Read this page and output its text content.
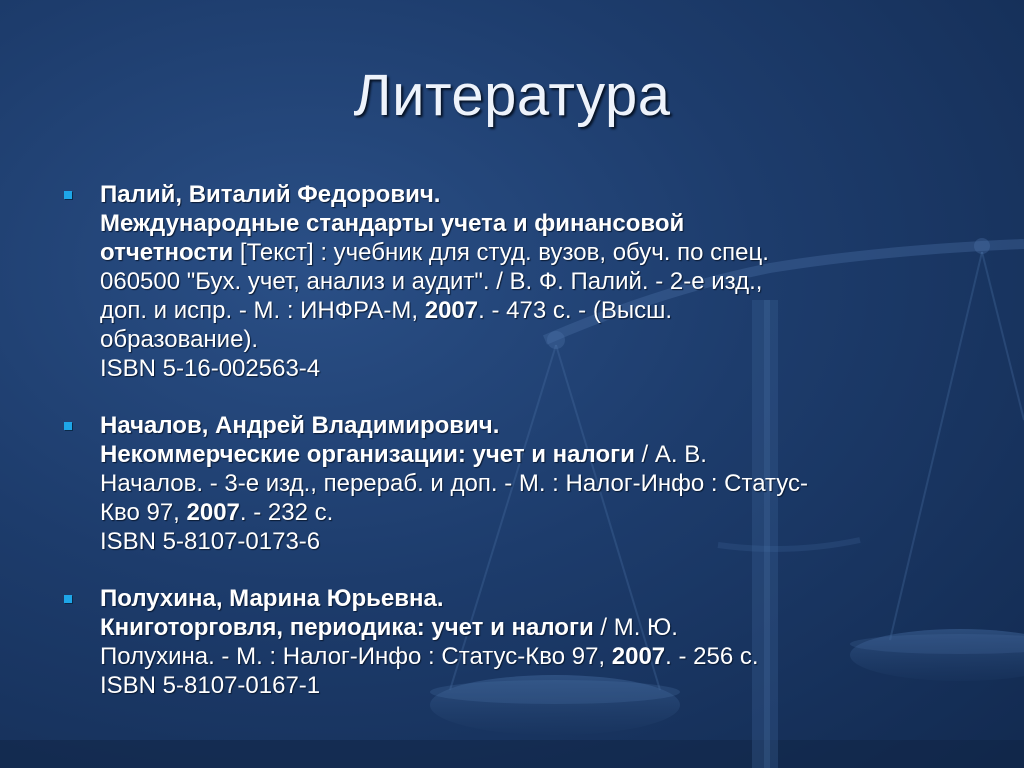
Литература
Палий, Виталий Федорович.
Международные стандарты учета и финансовой
отчетности [Текст] : учебник для студ. вузов, обуч. по спец.
060500 "Бух. учет, анализ и аудит". / В. Ф. Палий. - 2-е изд.,
доп. и испр. - М. : ИНФРА-М, 2007. - 473 с. - (Высш.
образование).
ISBN 5-16-002563-4
Началов, Андрей Владимирович.
Некоммерческие организации: учет и налоги / А. В.
Началов. - 3-е изд., перераб. и доп. - М. : Налог-Инфо : Статус-
Кво 97, 2007. - 232 с.
ISBN 5-8107-0173-6
Полухина, Марина Юрьевна.
Книготорговля, периодика: учет и налоги / М. Ю.
Полухина. - М. : Налог-Инфо : Статус-Кво 97, 2007. - 256 с.
ISBN 5-8107-0167-1
